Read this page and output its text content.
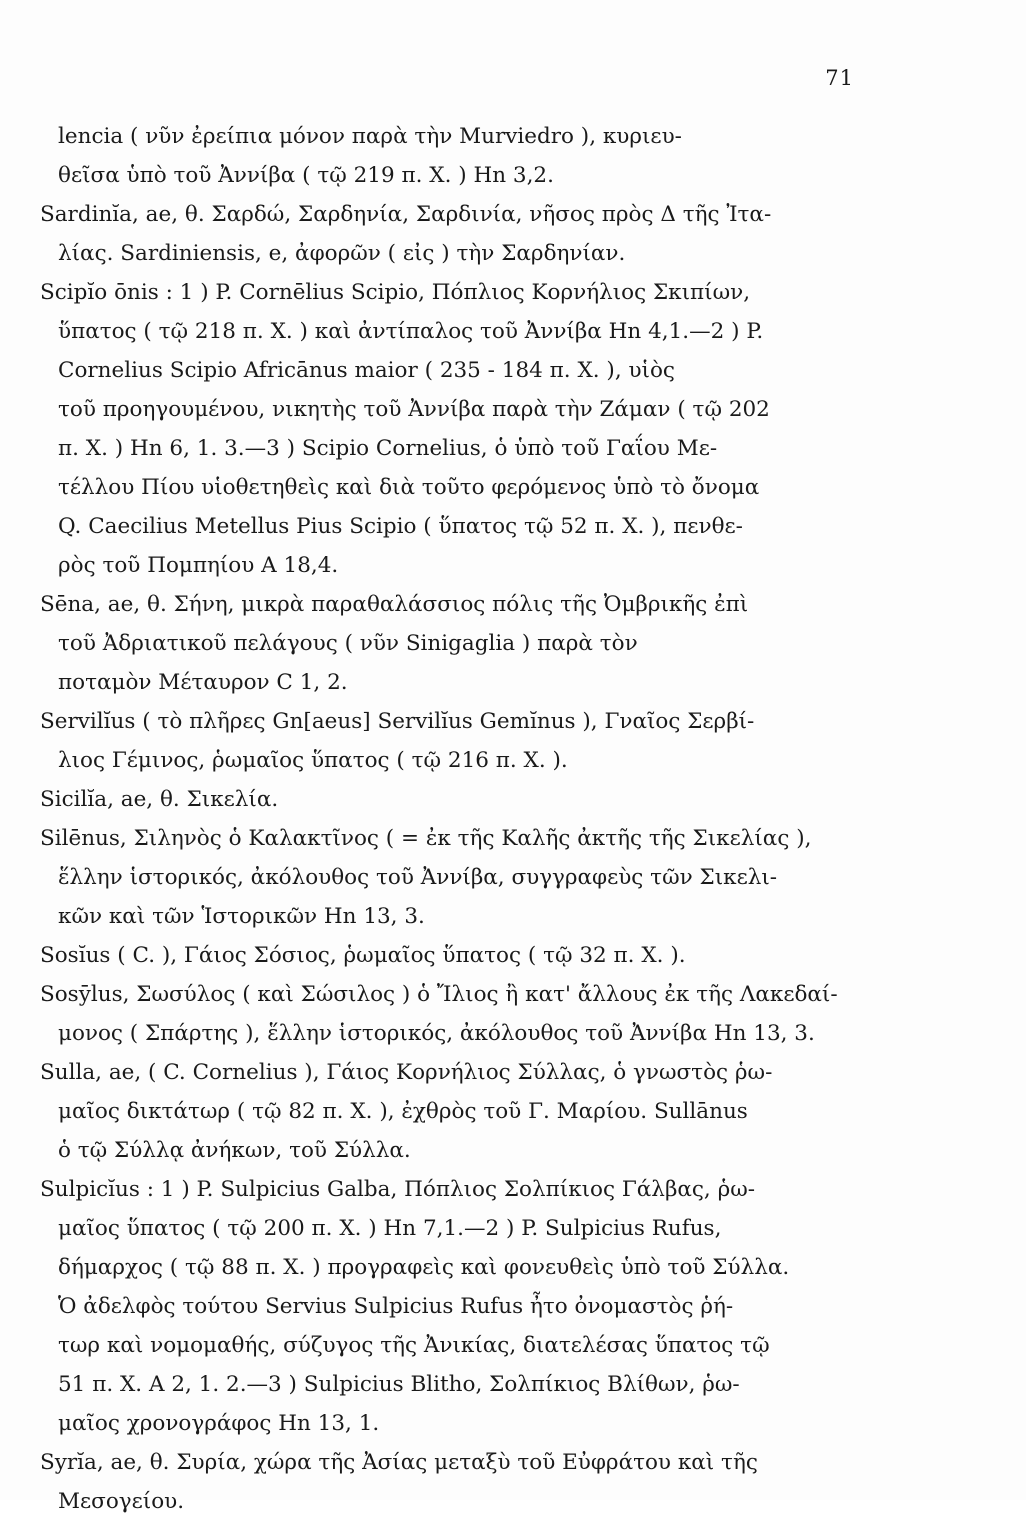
71
lencia ( νῦν ἐρείπια μόνον παρὰ τὴν Murviedro ), κυριευ-
θεῖσα ὑπὸ τοῦ Ἀννίβα ( τῷ 219 π. Χ. ) Hn 3,2.
Sardinĭa, ae, θ. Σαρδώ, Σαρδηνία, Σαρδινία, νῆσος πρὸς Δ τῆς Ἰτα-
λίας. Sardiniensis, e, ἀφορῶν ( εἰς ) τὴν Σαρδηνίαν.
Scipĭo ōnis : 1 ) P. Cornēlius Scipio, Πόπλιος Κορνήλιος Σκιπίων,
ὕπατος ( τῷ 218 π. Χ. ) καὶ ἀντίπαλος τοῦ Ἀννίβα Hn 4,1.—2 ) P.
Cornelius Scipio Africānus maior ( 235 - 184 π. Χ. ), υἱὸς
τοῦ προηγουμένου, νικητὴς τοῦ Ἀννίβα παρὰ τὴν Ζάμαν ( τῷ 202
π. Χ. ) Hn 6, 1. 3.—3 ) Scipio Cornelius, ὁ ὑπὸ τοῦ Γαΐου Με-
τέλλου Πίου υἱοθετηθεὶς καὶ διὰ τοῦτο φερόμενος ὑπὸ τὸ ὄνομα
Q. Caecilius Metellus Pius Scipio ( ὕπατος τῷ 52 π. Χ. ), πενθε-
ρὸς τοῦ Πομπηίου A 18,4.
Sēna, ae, θ. Σήνη, μικρὰ παραθαλάσσιος πόλις τῆς Ὀμβρικῆς ἐπὶ
τοῦ Ἀδριατικοῦ πελάγους ( νῦν Sinigaglia ) παρὰ τὸν
ποταμὸν Μέταυρον C 1, 2.
Servilĭus ( τὸ πλῆρες Gn[aeus] Servilĭus Gemĭnus ), Γναῖος Σερβί-
λιος Γέμινος, ῥωμαῖος ὕπατος ( τῷ 216 π. Χ. ).
Sicilĭa, ae, θ. Σικελία.
Silēnus, Σιληνὸς ὁ Καλακτῖνος ( = ἐκ τῆς Καλῆς ἀκτῆς τῆς Σικελίας ),
ἕλλην ἱστορικός, ἀκόλουθος τοῦ Ἀννίβα, συγγραφεὺς τῶν Σικελι-
κῶν καὶ τῶν Ἱστορικῶν Hn 13, 3.
Sosĭus ( C. ), Γάιος Σόσιος, ῥωμαῖος ὕπατος ( τῷ 32 π. Χ. ).
Sosȳlus, Σωσύλος ( καὶ Σώσιλος ) ὁ Ἴλιος ἢ κατ' ἄλλους ἐκ τῆς Λακεδαί-
μονος ( Σπάρτης ), ἕλλην ἱστορικός, ἀκόλουθος τοῦ Ἀννίβα Hn 13, 3.
Sulla, ae, ( C. Cornelius ), Γάιος Κορνήλιος Σύλλας, ὁ γνωστὸς ῥω-
μαῖος δικτάτωρ ( τῷ 82 π. Χ. ), ἐχθρὸς τοῦ Γ. Μαρίου. Sullānus
ὁ τῷ Σύλλᾳ ἀνήκων, τοῦ Σύλλα.
Sulpicĭus : 1 ) P. Sulpicius Galba, Πόπλιος Σολπίκιος Γάλβας, ῥω-
μαῖος ὕπατος ( τῷ 200 π. Χ. ) Hn 7,1.—2 ) P. Sulpicius Rufus,
δήμαρχος ( τῷ 88 π. Χ. ) προγραφεὶς καὶ φονευθεὶς ὑπὸ τοῦ Σύλλα.
Ὁ ἀδελφὸς τούτου Servius Sulpicius Rufus ἦτο ὀνομαστὸς ῥή-
τωρ καὶ νομομαθής, σύζυγος τῆς Ἀνικίας, διατελέσας ὕπατος τῷ
51 π. Χ. A 2, 1. 2.—3 ) Sulpicius Blitho, Σολπίκιος Βλίθων, ῥω-
μαῖος χρονογράφος Hn 13, 1.
Syrĭa, ae, θ. Συρία, χώρα τῆς Ἀσίας μεταξὺ τοῦ Εὐφράτου καὶ τῆς
Μεσογείου.
